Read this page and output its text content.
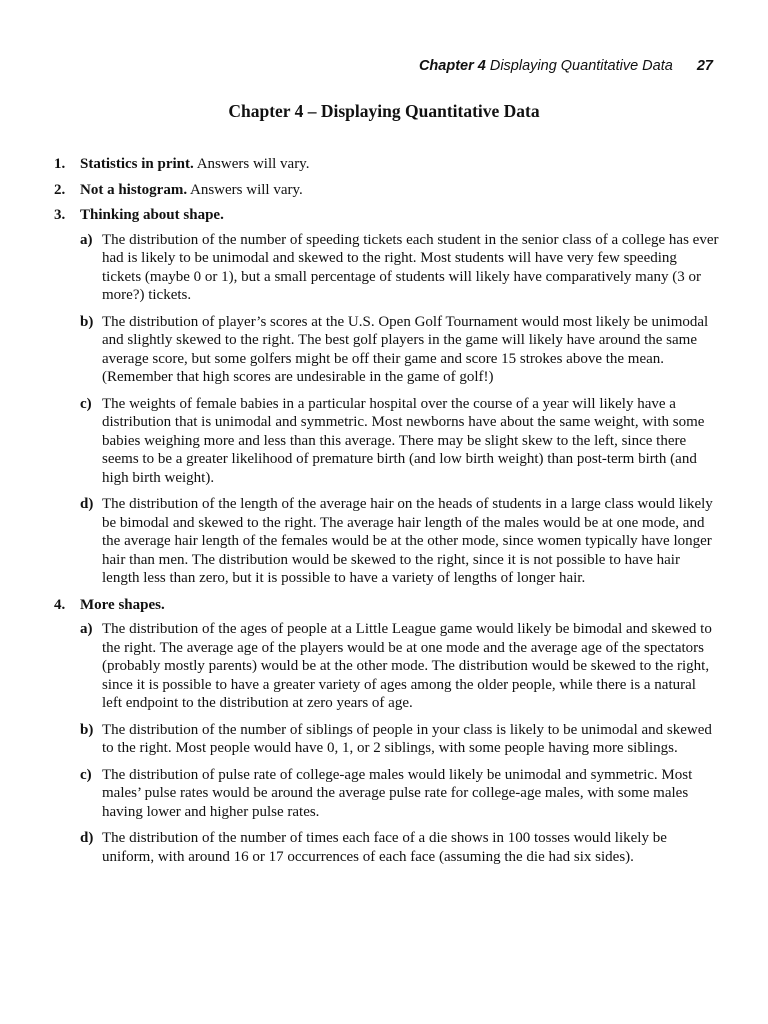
Chapter 4 Displaying Quantitative Data 27
Chapter 4 – Displaying Quantitative Data
1. Statistics in print. Answers will vary.
2. Not a histogram. Answers will vary.
3. Thinking about shape.
a) The distribution of the number of speeding tickets each student in the senior class of a college has ever had is likely to be unimodal and skewed to the right. Most students will have very few speeding tickets (maybe 0 or 1), but a small percentage of students will likely have comparatively many (3 or more?) tickets.
b) The distribution of player’s scores at the U.S. Open Golf Tournament would most likely be unimodal and slightly skewed to the right. The best golf players in the game will likely have around the same average score, but some golfers might be off their game and score 15 strokes above the mean. (Remember that high scores are undesirable in the game of golf!)
c) The weights of female babies in a particular hospital over the course of a year will likely have a distribution that is unimodal and symmetric. Most newborns have about the same weight, with some babies weighing more and less than this average. There may be slight skew to the left, since there seems to be a greater likelihood of premature birth (and low birth weight) than post-term birth (and high birth weight).
d) The distribution of the length of the average hair on the heads of students in a large class would likely be bimodal and skewed to the right. The average hair length of the males would be at one mode, and the average hair length of the females would be at the other mode, since women typically have longer hair than men. The distribution would be skewed to the right, since it is not possible to have hair length less than zero, but it is possible to have a variety of lengths of longer hair.
4. More shapes.
a) The distribution of the ages of people at a Little League game would likely be bimodal and skewed to the right. The average age of the players would be at one mode and the average age of the spectators (probably mostly parents) would be at the other mode. The distribution would be skewed to the right, since it is possible to have a greater variety of ages among the older people, while there is a natural left endpoint to the distribution at zero years of age.
b) The distribution of the number of siblings of people in your class is likely to be unimodal and skewed to the right. Most people would have 0, 1, or 2 siblings, with some people having more siblings.
c) The distribution of pulse rate of college-age males would likely be unimodal and symmetric. Most males’ pulse rates would be around the average pulse rate for college-age males, with some males having lower and higher pulse rates.
d) The distribution of the number of times each face of a die shows in 100 tosses would likely be uniform, with around 16 or 17 occurrences of each face (assuming the die had six sides).
